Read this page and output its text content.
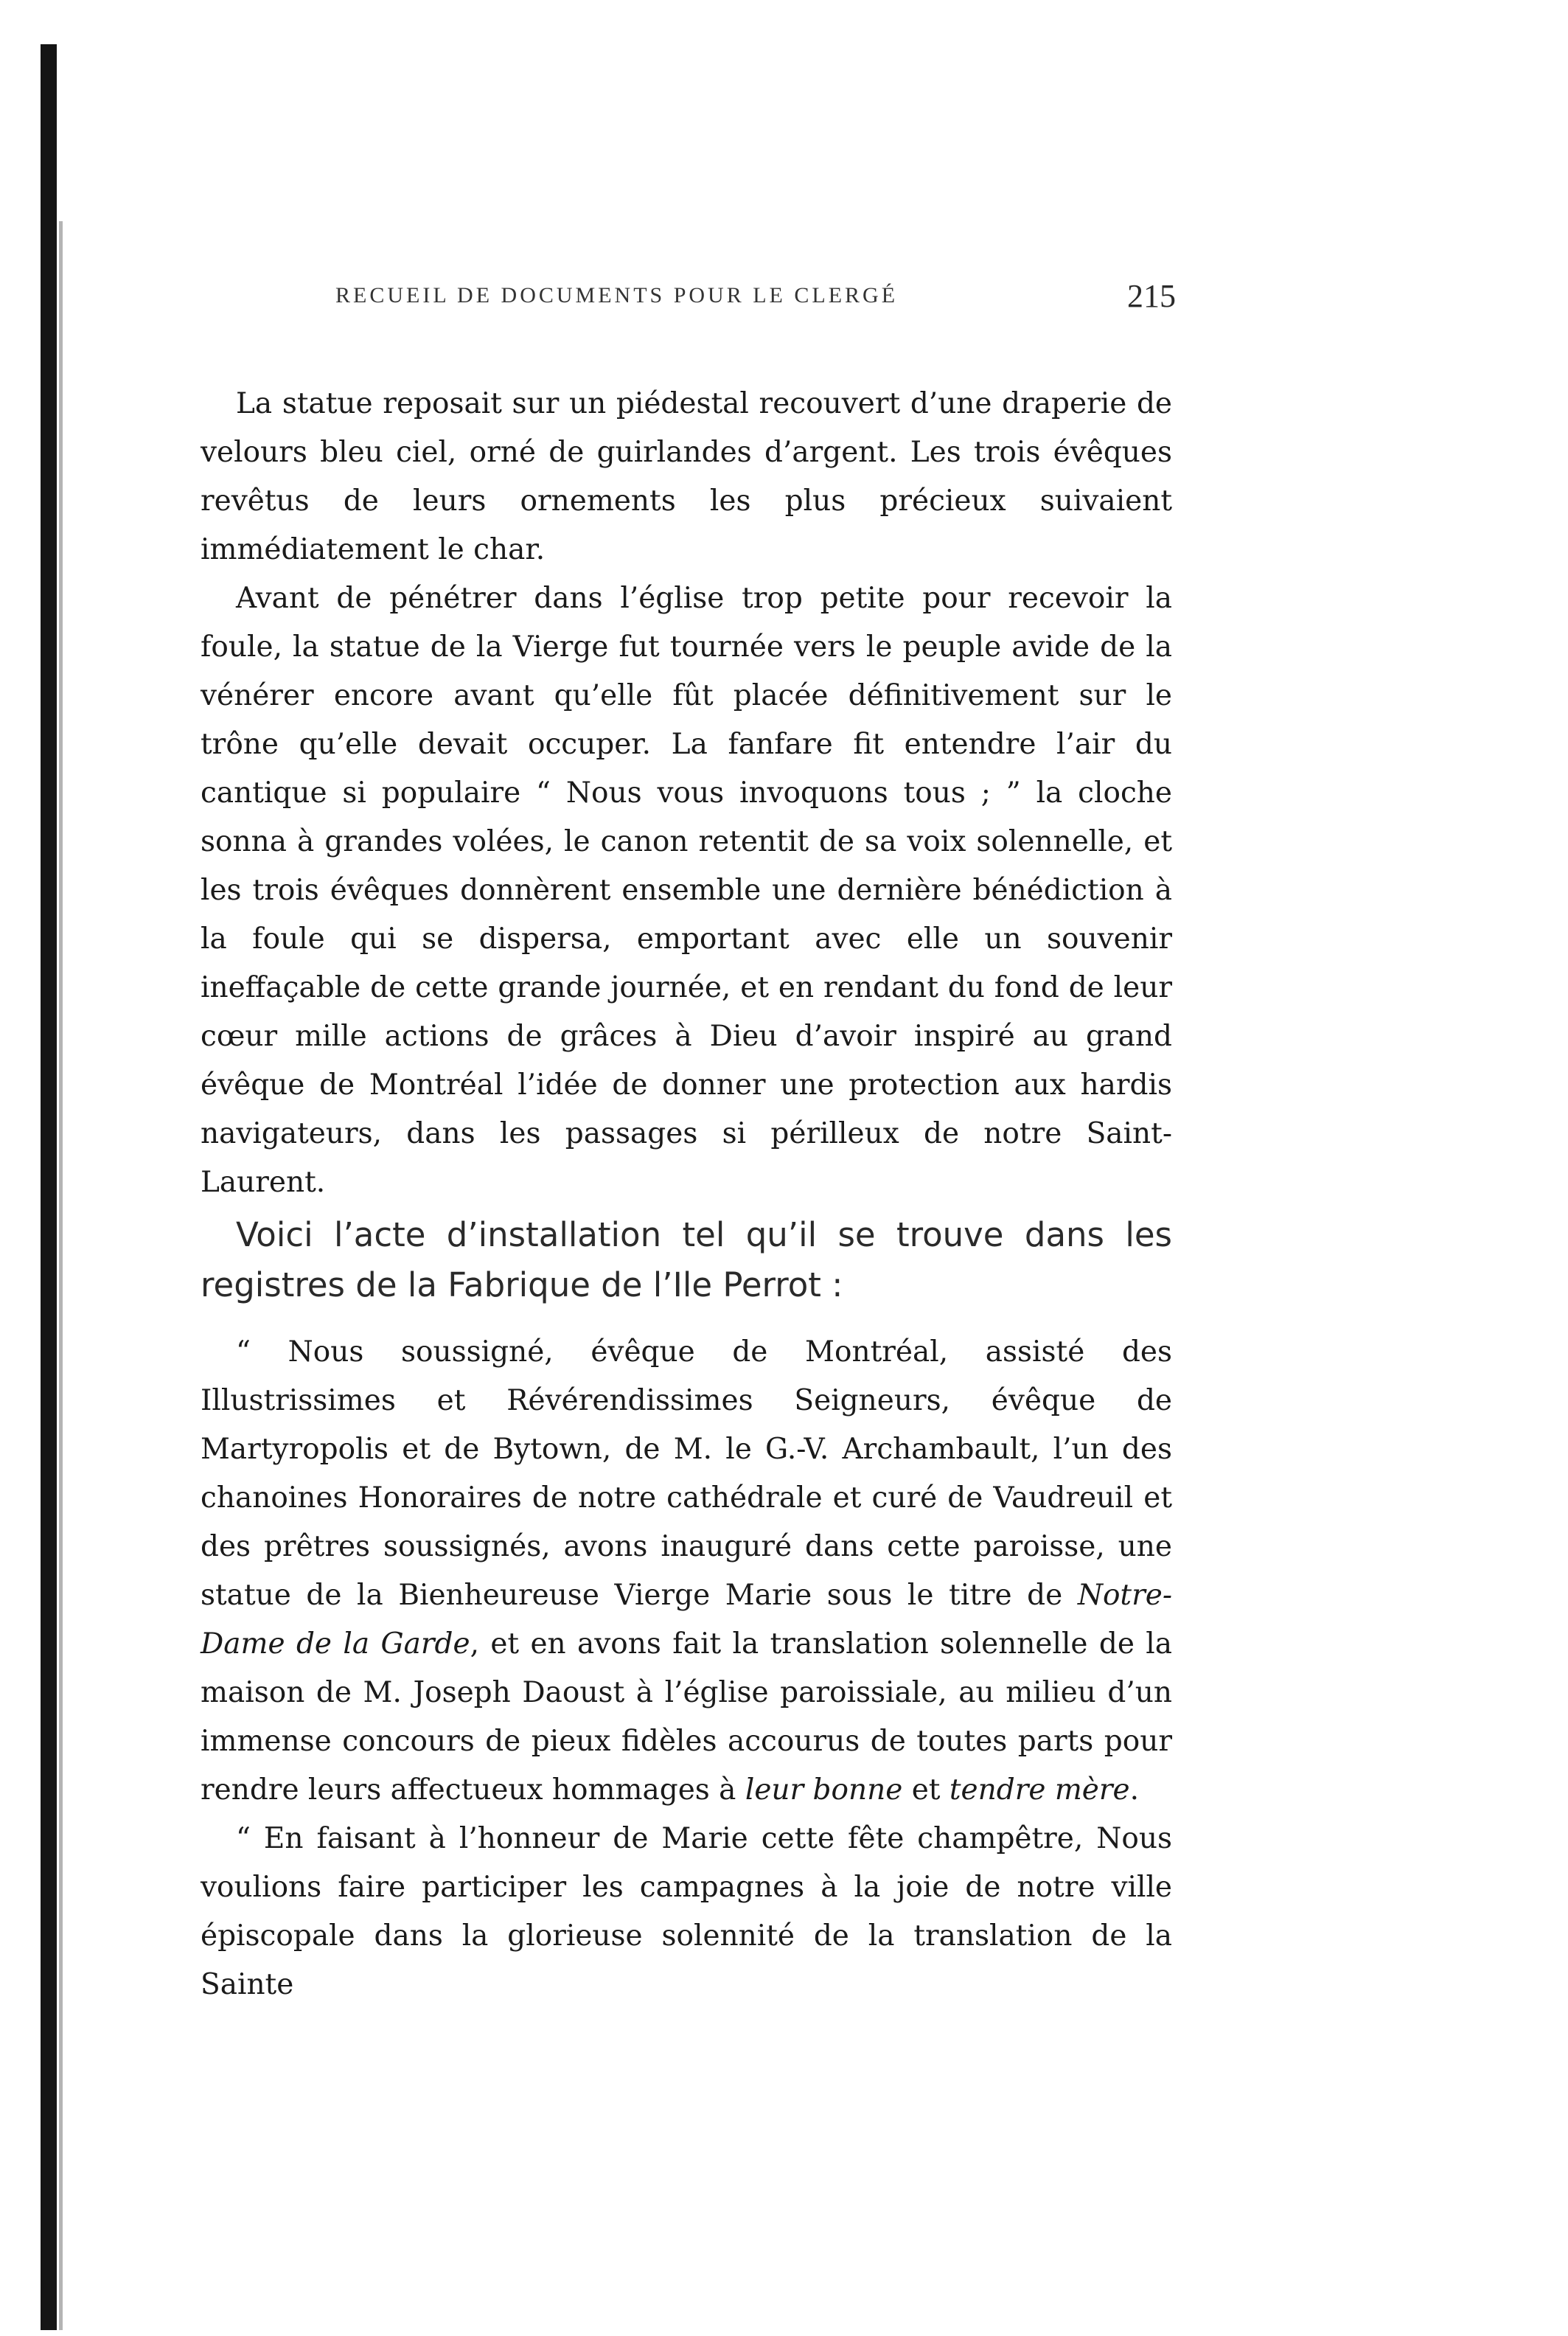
RECUEIL DE DOCUMENTS POUR LE CLERGÉ	215

La statue reposait sur un piédestal recouvert d’une draperie de velours bleu ciel, orné de guirlandes d’argent. Les trois évêques revêtus de leurs ornements les plus précieux suivaient immédiatement le char.

Avant de pénétrer dans l’église trop petite pour recevoir la foule, la statue de la Vierge fut tournée vers le peuple avide de la vénérer encore avant qu’elle fût placée définitivement sur le trône qu’elle devait occuper. La fanfare fit entendre l’air du cantique si populaire “ Nous vous invoquons tous ; ” la cloche sonna à grandes volées, le canon retentit de sa voix solennelle, et les trois évêques donnèrent ensemble une dernière bénédiction à la foule qui se dispersa, emportant avec elle un souvenir ineffaçable de cette grande journée, et en rendant du fond de leur cœur mille actions de grâces à Dieu d’avoir inspiré au grand évêque de Montréal l’idée de donner une protection aux hardis navigateurs, dans les passages si périlleux de notre Saint-Laurent.

Voici l’acte d’installation tel qu’il se trouve dans les registres de la Fabrique de l’Ile Perrot :

“ Nous soussigné, évêque de Montréal, assisté des Illustrissimes et Révérendissimes Seigneurs, évêque de Martyropolis et de Bytown, de M. le G.-V. Archambault, l’un des chanoines Honoraires de notre cathédrale et curé de Vaudreuil et des prêtres soussignés, avons inauguré dans cette paroisse, une statue de la Bienheureuse Vierge Marie sous le titre de Notre-Dame de la Garde, et en avons fait la translation solennelle de la maison de M. Joseph Daoust à l’église paroissiale, au milieu d’un immense concours de pieux fidèles accourus de toutes parts pour rendre leurs affectueux hommages à leur bonne et tendre mère.

“ En faisant à l’honneur de Marie cette fête champêtre, Nous voulions faire participer les campagnes à la joie de notre ville épiscopale dans la glorieuse solennité de la translation de la Sainte
